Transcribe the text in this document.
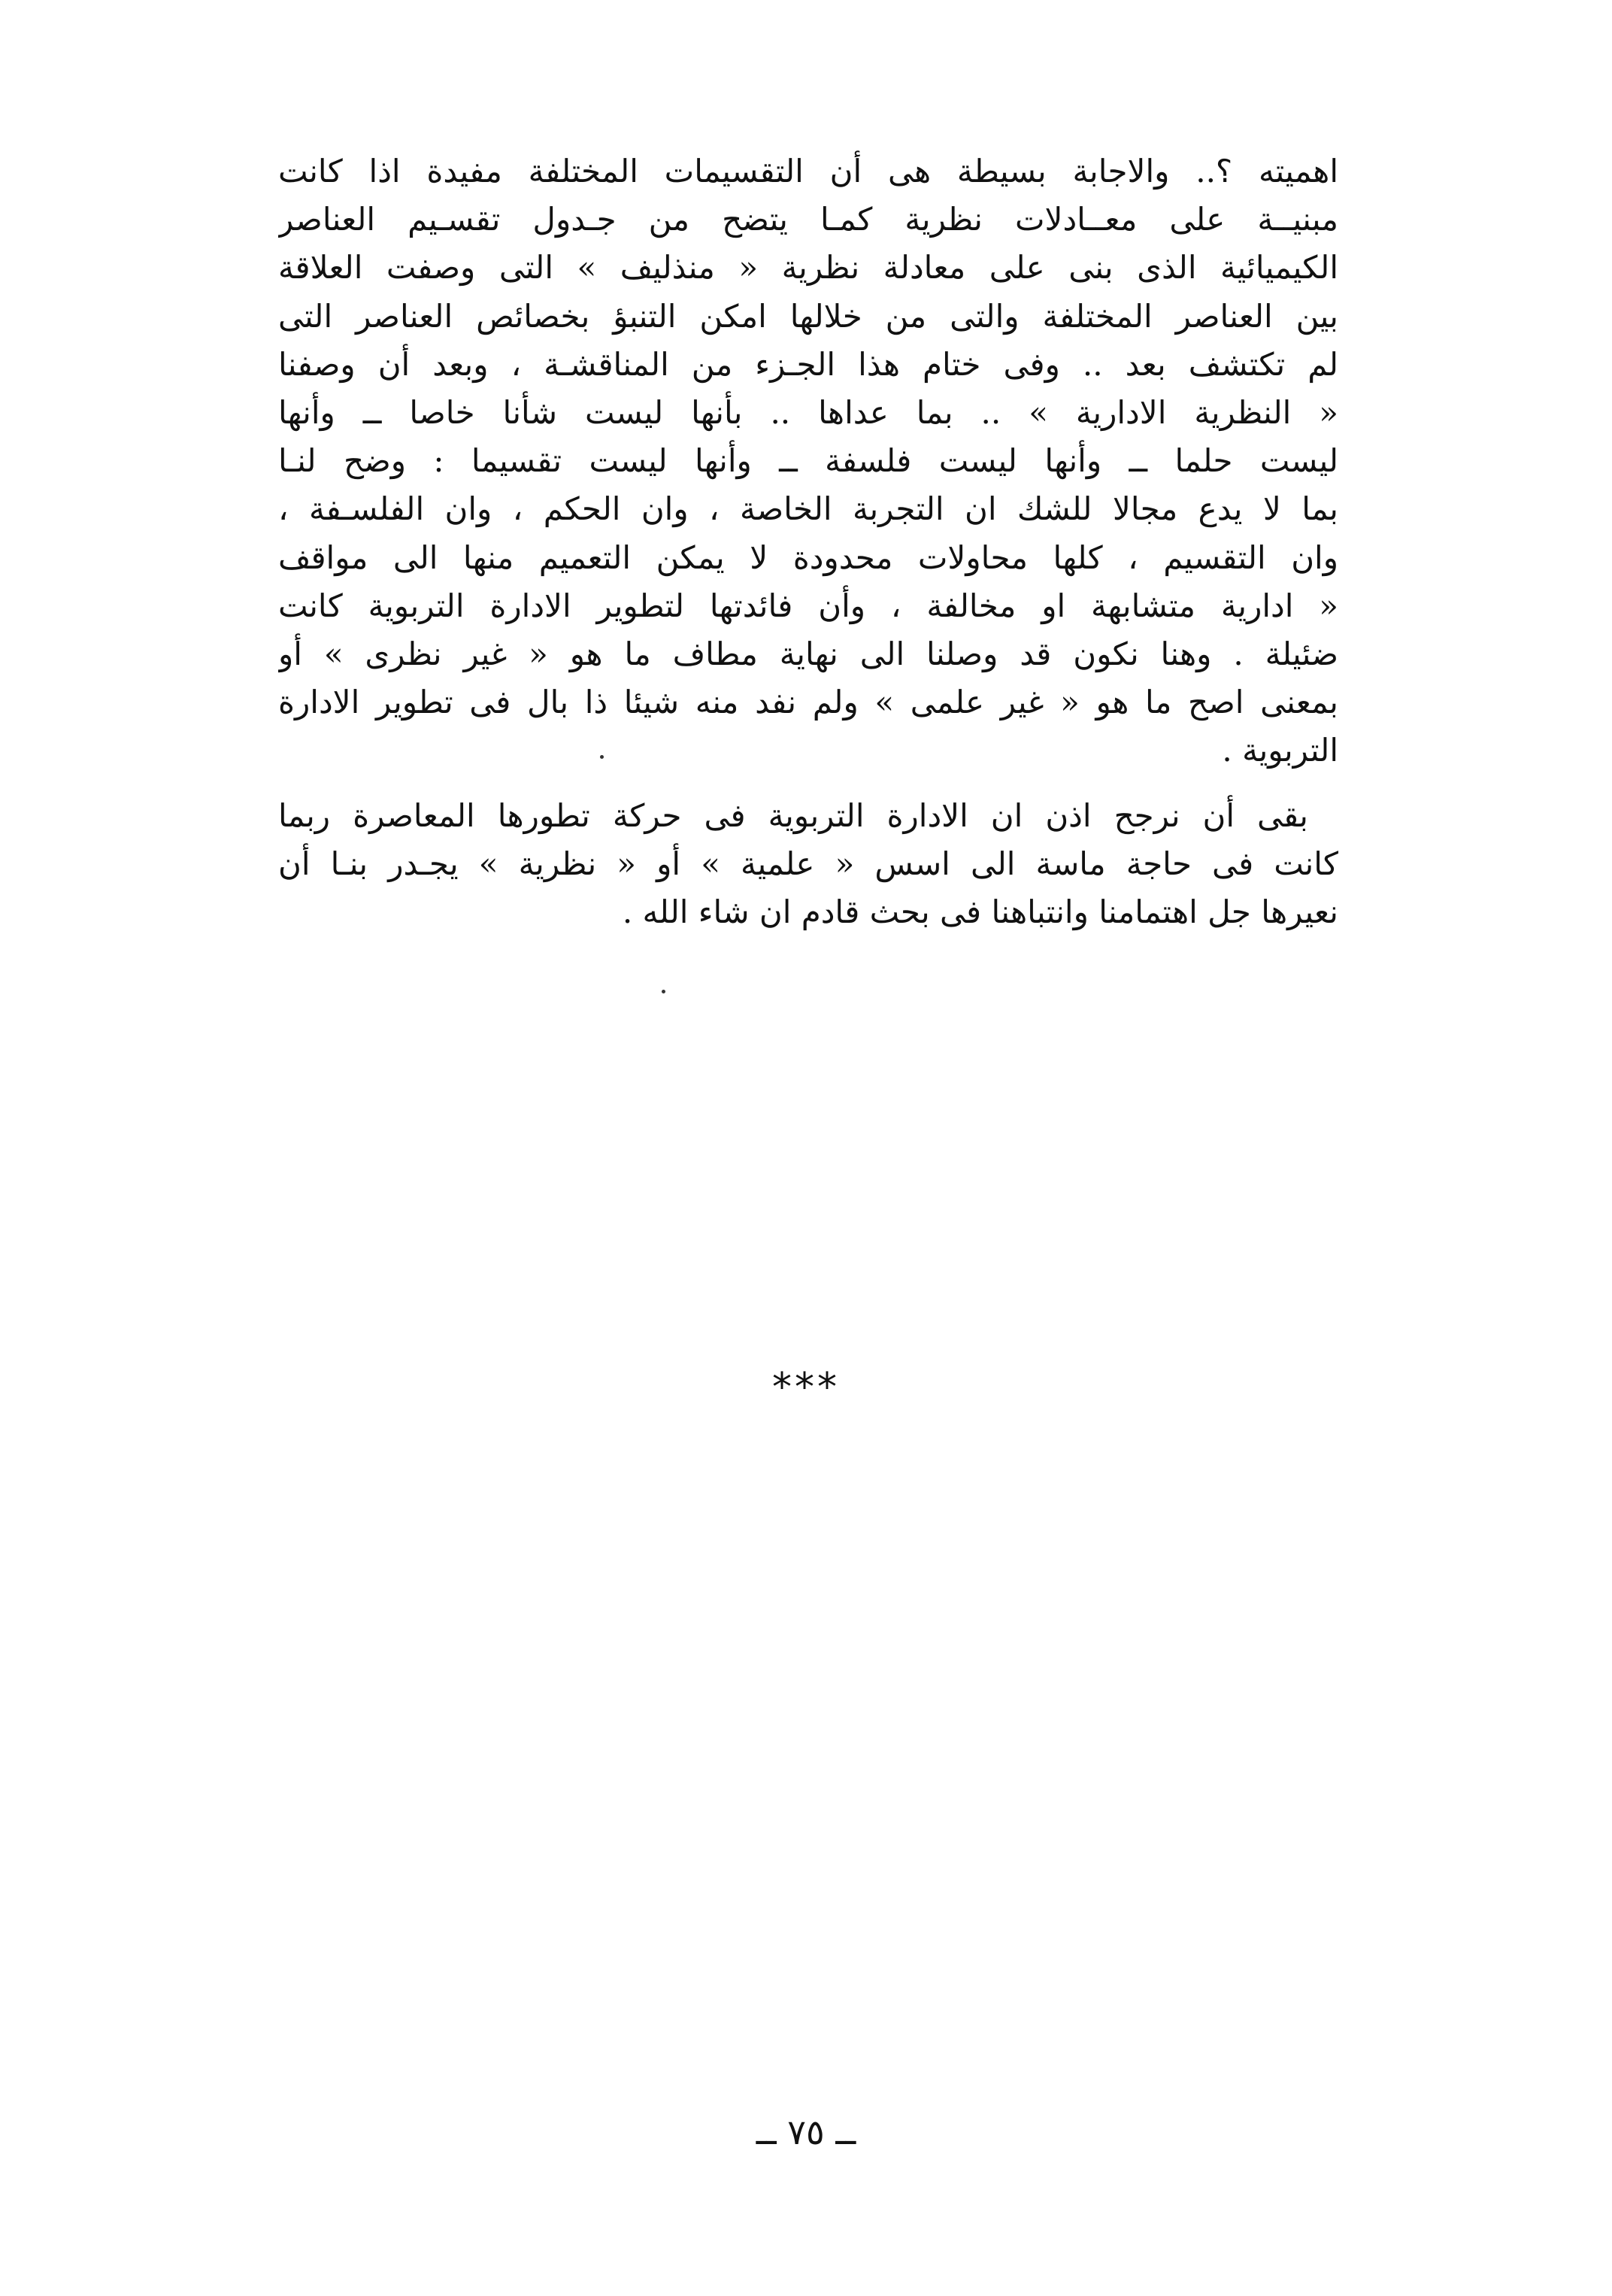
اهميته ؟.. والاجابة بسيطة هى أن التقسيمات المختلفة مفيدة اذا كانت
مبنيــة على معــادلات نظرية كمـا يتضح من جـدول تقسـيم العناصر
الكيميائية الذى بنى على معادلة نظرية « منذليف » التى وصفت العلاقة
بين العناصر المختلفة والتى من خلالها امكن التنبؤ بخصائص العناصر التى
لم تكتشف بعد .. وفى ختام هذا الجـزء من المناقشـة ، وبعد أن وصفنا
« النظرية الادارية » .. بما عداها .. بأنها ليست شأنا خاصا ــ وأنها
ليست حلما ــ وأنها ليست فلسفة ــ وأنها ليست تقسيما : وضح لنـا
بما لا يدع مجالا للشك ان التجربة الخاصة ، وان الحكم ، وان الفلسـفة ،
وان التقسيم ، كلها محاولات محدودة لا يمكن التعميم منها الى مواقف
« ادارية متشابهة او مخالفة ، وأن فائدتها لتطوير الادارة التربوية كانت
ضئيلة . وهنا نكون قد وصلنا الى نهاية مطاف ما هو « غير نظرى » أو
بمعنى اصح ما هو « غير علمى » ولم نفد منه شيئا ذا بال فى تطوير الادارة
التربوية .
بقى أن نرجح اذن ان الادارة التربوية فى حركة تطورها المعاصرة ربما
كانت فى حاجة ماسة الى اسس « علمية » أو « نظرية » يجـدر بنـا أن
نعيرها جل اهتمامنا وانتباهنا فى بحث قادم ان شاء الله .
***
ــ ٧٥ ــ
